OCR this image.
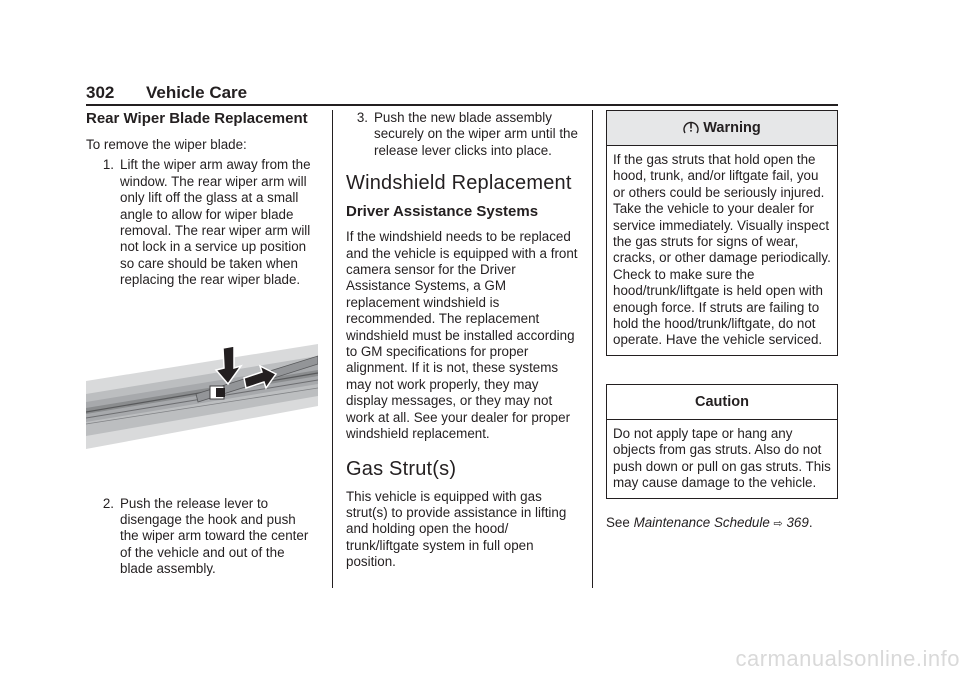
302 Vehicle Care
Rear Wiper Blade Replacement

To remove the wiper blade:

1. Lift the wiper arm away from the window. The rear wiper arm will only lift off the glass at a small angle to allow for wiper blade removal. The rear wiper arm will not lock in a service up position so care should be taken when replacing the rear wiper blade.
2. Push the release lever to disengage the hook and push the wiper arm toward the center of the vehicle and out of the blade assembly.
3. Push the new blade assembly securely on the wiper arm until the release lever clicks into place.
Windshield Replacement
Driver Assistance Systems

If the windshield needs to be replaced and the vehicle is equipped with a front camera sensor for the Driver Assistance Systems, a GM replacement windshield is recommended. The replacement windshield must be installed according to GM specifications for proper alignment. If it is not, these systems may not work properly, they may display messages, or they may not work at all. See your dealer for proper windshield replacement.

Gas Strut(s)

This vehicle is equipped with gas strut(s) to provide assistance in lifting and holding open the hood/ trunk/liftgate system in full open position.

Warning
If the gas struts that hold open the hood, trunk, and/or liftgate fail, you or others could be seriously injured. Take the vehicle to your dealer for service immediately. Visually inspect the gas struts for signs of wear, cracks, or other damage periodically. Check to make sure the hood/trunk/liftgate is held open with enough force. If struts are failing to hold the hood/trunk/liftgate, do not operate. Have the vehicle serviced.
Caution
Do not apply tape or hang any objects from gas struts. Also do not push down or pull on gas struts. This may cause damage to the vehicle.

See Maintenance Schedule ⇨ 369.

carmanualsonline.info
